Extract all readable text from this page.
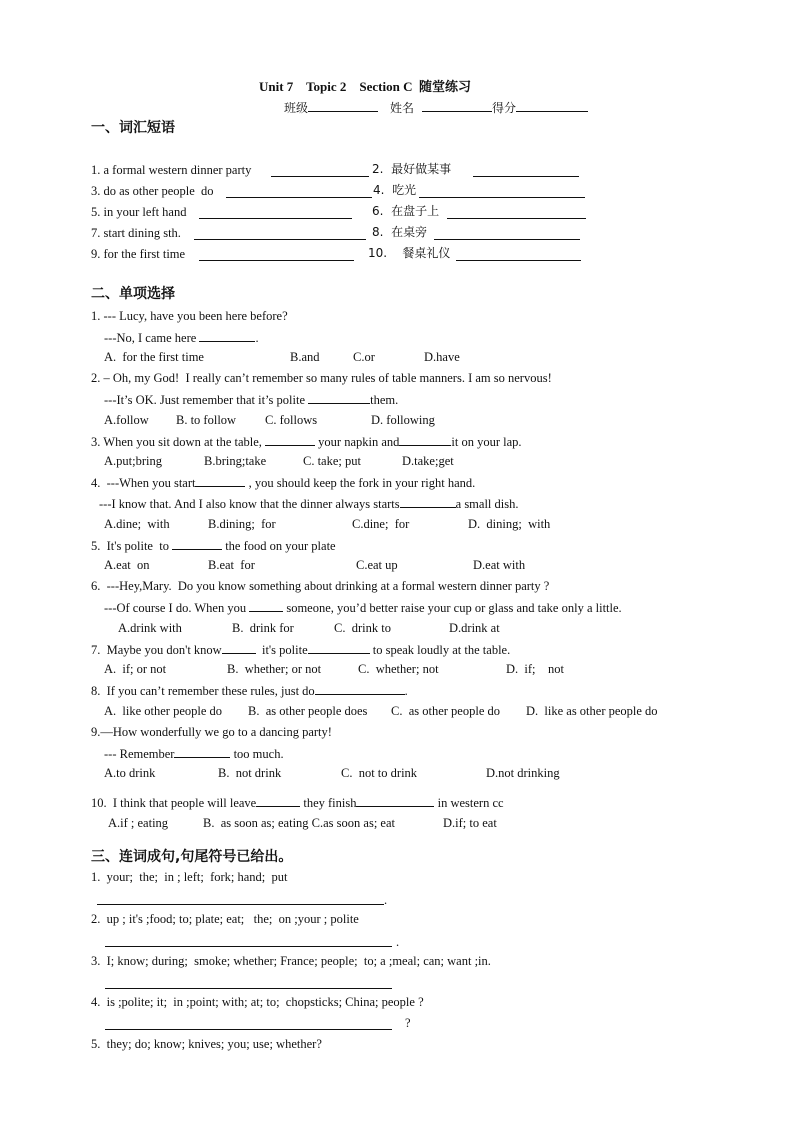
Unit 7    Topic 2    Section C  随堂练习
班级	姓名	得分
一、词汇短语
1. a formal western dinner party	2.  最好做某事
3. do as other people  do	4.  吃光
5. in your left hand	6.  在盘子上
7. start dining sth.	8.  在桌旁
9. for the first time	10.    餐桌礼仪
二、单项选择
1. --- Lucy, have you been here before?
---No, I came here	.
A.  for the first time	B.and	C.or	D.have
2. – Oh, my God!  I really can’t remember so many rules of table manners. I am so nervous!
---It’s OK. Just remember that it’s polite	them.
A.follow B. to follow C. follows	D. following
3. When you sit down at the table,	your napkin and	it on your lap.
A.put;bring	B.bring;take	C. take; put	D.take;get
4.  ---When you start	, you should keep the fork in your right hand.
---I know that. And I also know that the dinner always starts	a small dish.
A.dine;  with	B.dining;  for	C.dine;  for	D.  dining;  with
5.  It's polite  to	the food on your plate
A.eat  on	B.eat  for	C.eat up	D.eat with
6.  ---Hey,Mary.  Do you know something about drinking at a formal western dinner party ?
---Of course I do. When you	someone, you’d better raise your cup or glass and take only a little.
A.drink with	B.  drink for	C.  drink to	D.drink at
7.  Maybe you don't know	it's polite	to speak loudly at the table.
A.  if; or not	B.  whether; or not	C.  whether; not	D.  if;    not
8.  If you can’t remember these rules, just do	.
A.  like other people do B.  as other people does C.  as other people do D.  like as other people do
9.—How wonderfully we go to a dancing party!
--- Remember	too much.
A.to drink	B.  not drink	C.  not to drink	D.not drinking
10.  I think that people will leave	they finish	in western cc
A.if ; eating	B.  as soon as; eating C.as soon as; eat	D.if; to eat
三、连词成句,句尾符号已给出。
1.  your;  the;  in ; left;  fork; hand;  put
.
2.  up ; it's ;food; to; plate; eat;   the;  on ;your ; polite
.
3.  I; know; during;  smoke; whether; France; people;  to; a ;meal; can; want ;in.
4.  is ;polite; it;  in ;point; with; at; to;  chopsticks; China; people ?
?
5.  they; do; know; knives; you; use; whether?
